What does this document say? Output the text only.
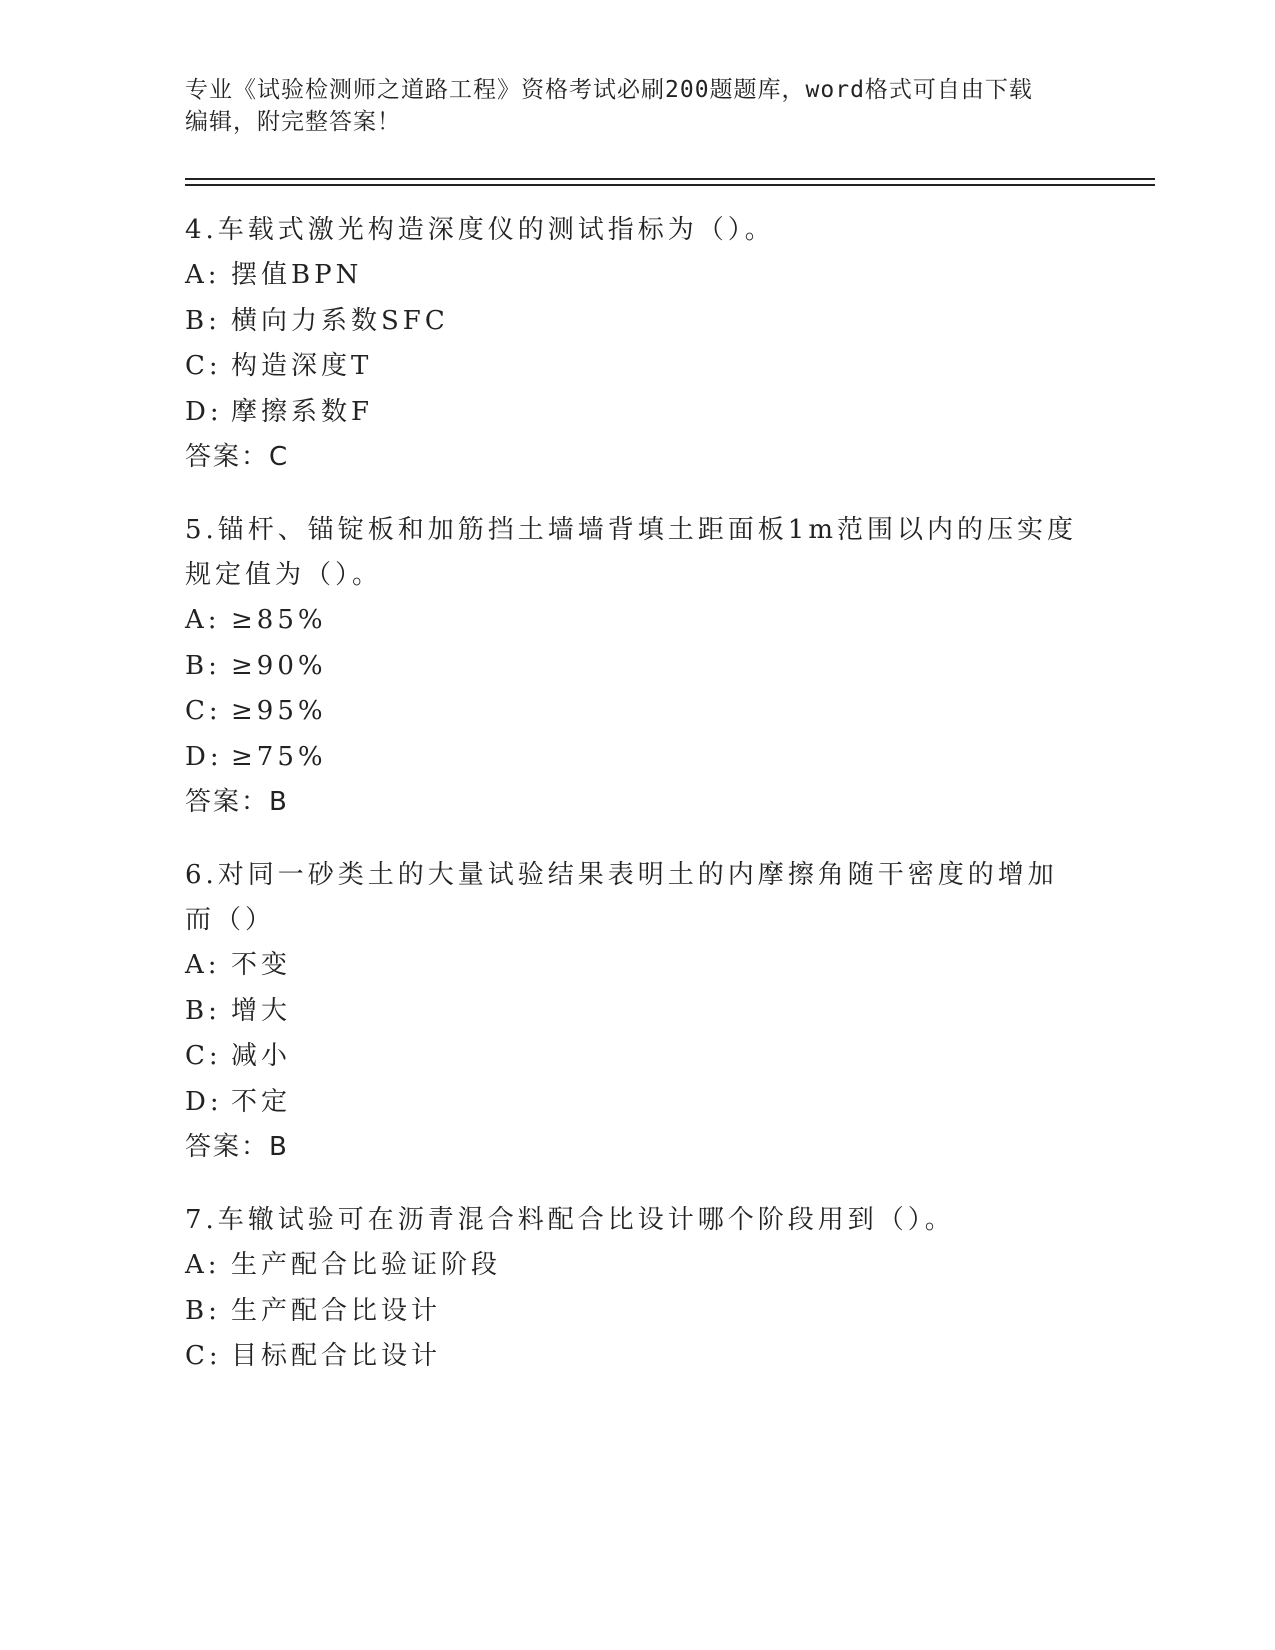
专业《试验检测师之道路工程》资格考试必刷200题题库，word格式可自由下载
编辑，附完整答案！

4.车载式激光构造深度仪的测试指标为（）。

A: 摆值BPN
B: 横向力系数SFC
C: 构造深度T
D: 摩擦系数F
答案：C

5.锚杆、锚锭板和加筋挡土墙墙背填土距面板1m范围以内的压实度规定值为（）。

A: ≥85%
B: ≥90%
C: ≥95%
D: ≥75%
答案：B

6.对同一砂类土的大量试验结果表明土的内摩擦角随干密度的增加而（）

A: 不变
B: 增大
C: 减小
D: 不定
答案：B

7.车辙试验可在沥青混合料配合比设计哪个阶段用到（）。

A: 生产配合比验证阶段
B: 生产配合比设计
C: 目标配合比设计
